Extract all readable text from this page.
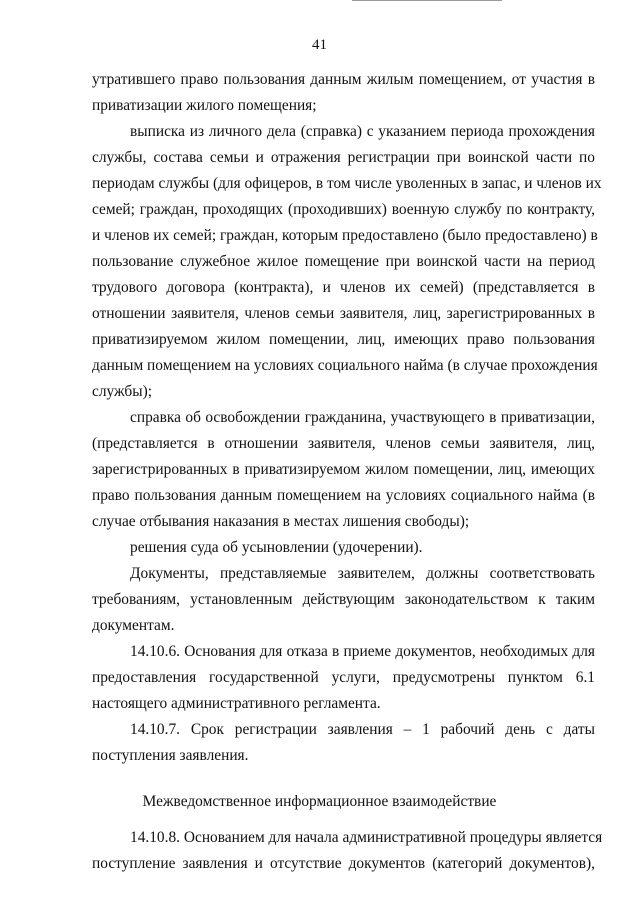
41
утратившего право пользования данным жилым помещением, от участия в
приватизации жилого помещения;
выписка из личного дела (справка) с указанием периода прохождения
службы, состава семьи и отражения регистрации при воинской части по
периодам службы (для офицеров, в том числе уволенных в запас, и членов их
семей; граждан, проходящих (проходивших) военную службу по контракту,
и членов их семей; граждан, которым предоставлено (было предоставлено) в
пользование служебное жилое помещение при воинской части на период
трудового договора (контракта), и членов их семей) (представляется в
отношении заявителя, членов семьи заявителя, лиц, зарегистрированных в
приватизируемом жилом помещении, лиц, имеющих право пользования
данным помещением на условиях социального найма (в случае прохождения
службы);
справка об освобождении гражданина, участвующего в приватизации,
(представляется в отношении заявителя, членов семьи заявителя, лиц,
зарегистрированных в приватизируемом жилом помещении, лиц, имеющих
право пользования данным помещением на условиях социального найма (в
случае отбывания наказания в местах лишения свободы);
решения суда об усыновлении (удочерении).
Документы, представляемые заявителем, должны соответствовать
требованиям, установленным действующим законодательством к таким
документам.
14.10.6. Основания для отказа в приеме документов, необходимых для
предоставления государственной услуги, предусмотрены пунктом 6.1
настоящего административного регламента.
14.10.7. Срок регистрации заявления – 1 рабочий день с даты
поступления заявления.
Межведомственное информационное взаимодействие
14.10.8. Основанием для начала административной процедуры является
поступление заявления и отсутствие документов (категорий документов),
